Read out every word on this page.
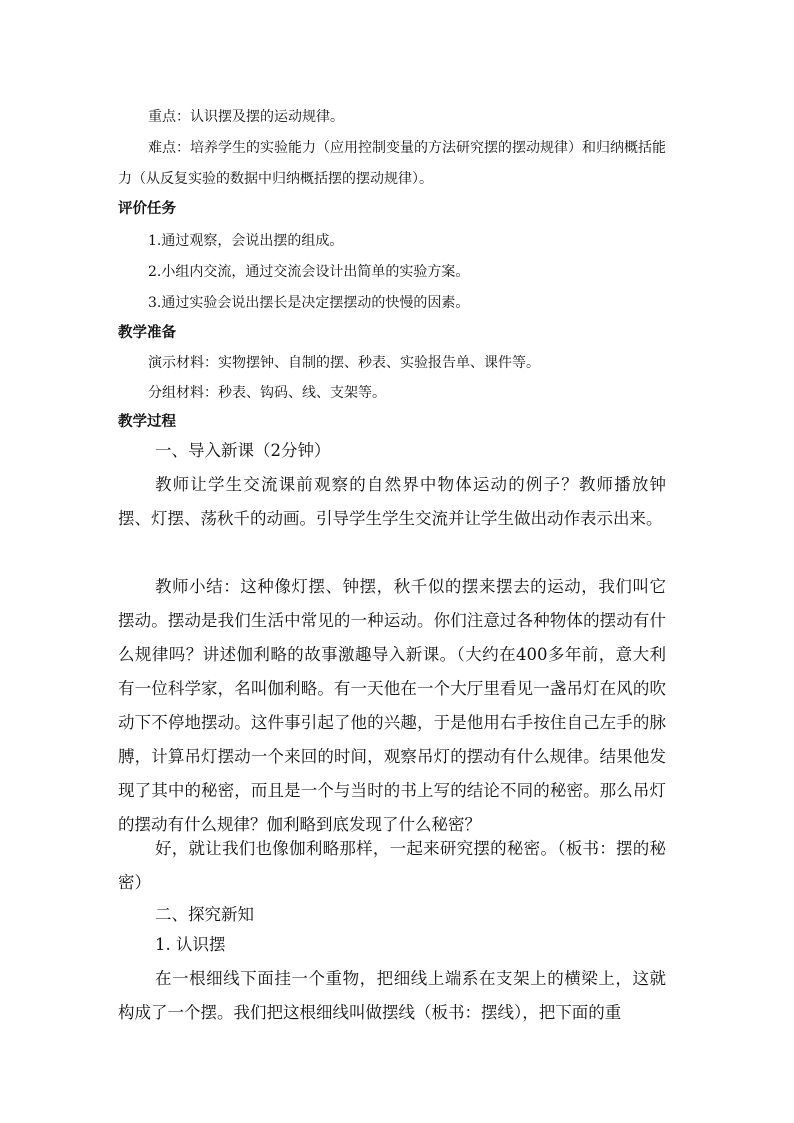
重点：认识摆及摆的运动规律。
难点：培养学生的实验能力（应用控制变量的方法研究摆的摆动规律）和归纳概括能
力（从反复实验的数据中归纳概括摆的摆动规律）。
评价任务
1.通过观察，会说出摆的组成。
2.小组内交流，通过交流会设计出简单的实验方案。
3.通过实验会说出摆长是决定摆摆动的快慢的因素。
教学准备
演示材料：实物摆钟、自制的摆、秒表、实验报告单、课件等。
分组材料：秒表、钩码、线、支架等。
教学过程
一、导入新课（2分钟）
教师让学生交流课前观察的自然界中物体运动的例子？教师播放钟摆、灯摆、荡秋千的动画。引导学生学生交流并让学生做出动作表示出来。
教师小结：这种像灯摆、钟摆，秋千似的摆来摆去的运动，我们叫它摆动。摆动是我们生活中常见的一种运动。你们注意过各种物体的摆动有什么规律吗？讲述伽利略的故事激趣导入新课。（大约在400多年前，意大利有一位科学家，名叫伽利略。有一天他在一个大厅里看见一盏吊灯在风的吹动下不停地摆动。这件事引起了他的兴趣，于是他用右手按住自己左手的脉膊，计算吊灯摆动一个来回的时间，观察吊灯的摆动有什么规律。结果他发现了其中的秘密，而且是一个与当时的书上写的结论不同的秘密。那么吊灯的摆动有什么规律？伽利略到底发现了什么秘密？
好，就让我们也像伽利略那样，一起来研究摆的秘密。（板书：摆的秘密）
二、探究新知
1. 认识摆
在一根细线下面挂一个重物，把细线上端系在支架上的横梁上，这就构成了一个摆。我们把这根细线叫做摆线（板书：摆线），把下面的重
